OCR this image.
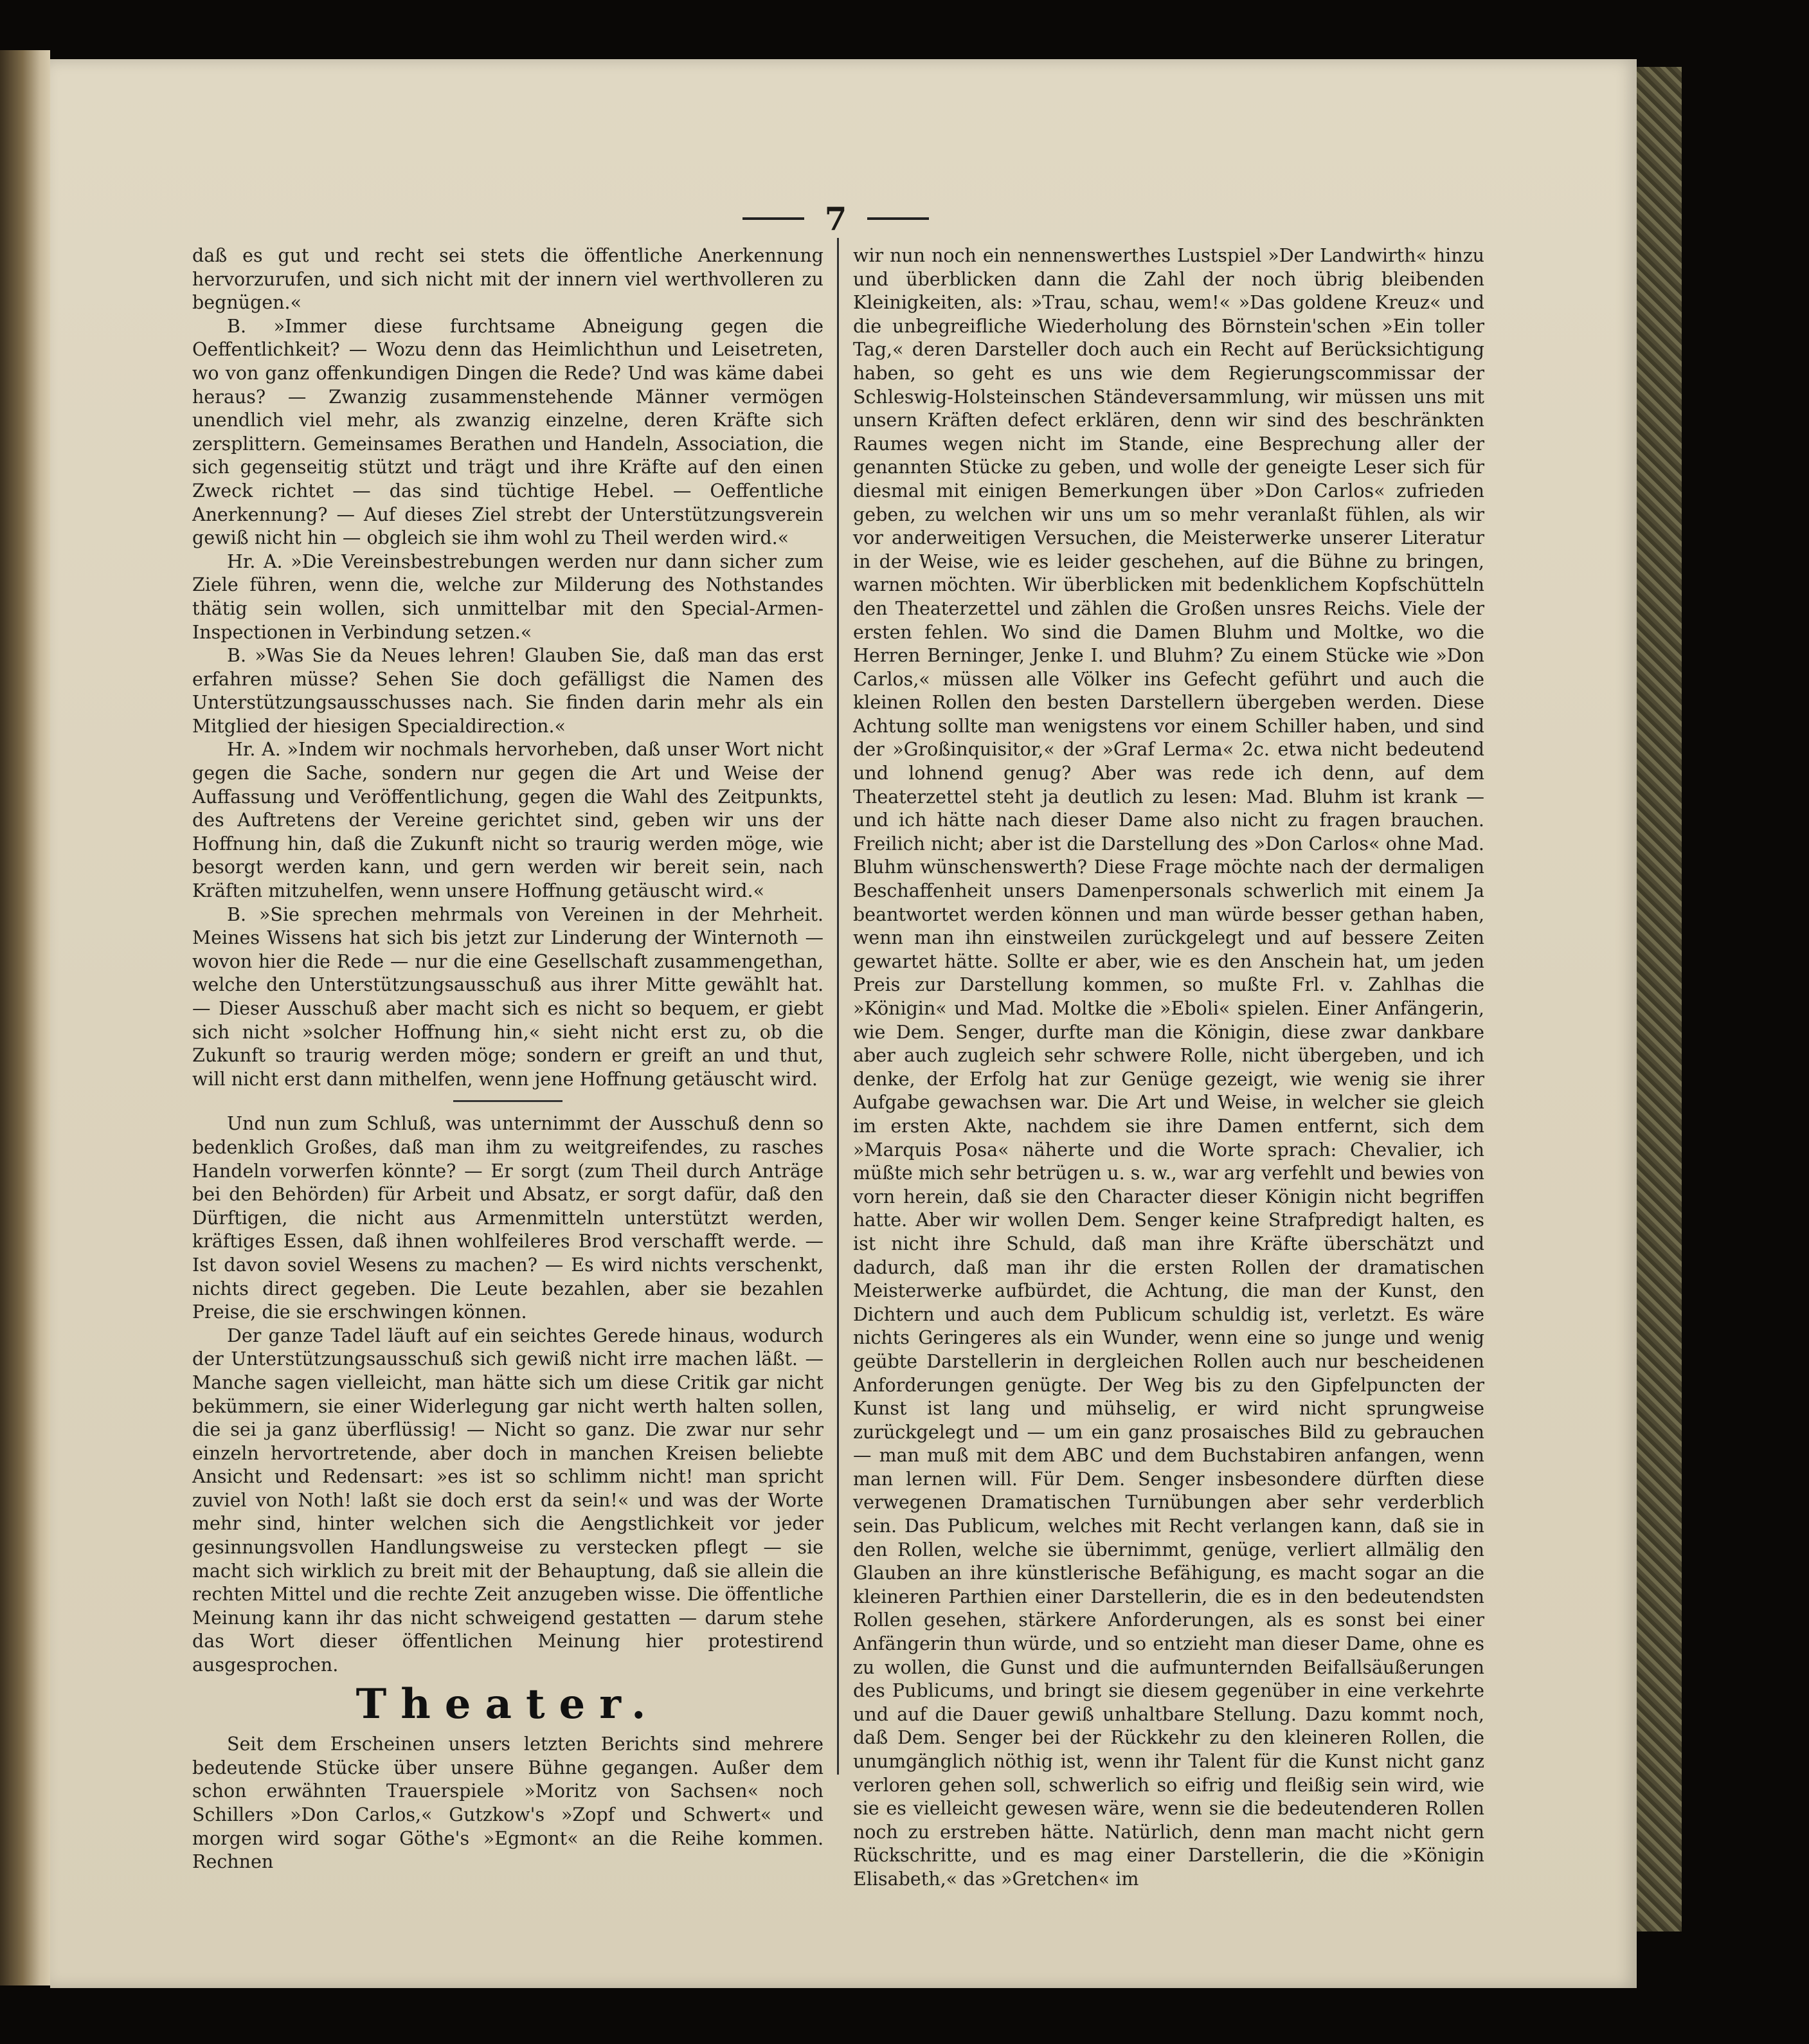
7

daß es gut und recht sei stets die öffentliche Anerkennung hervorzurufen, und sich nicht mit der innern viel werthvolleren zu begnügen.«

B. »Immer diese furchtsame Abneigung gegen die Oeffentlichkeit? — Wozu denn das Heimlichthun und Leisetreten, wo von ganz offenkundigen Dingen die Rede? Und was käme dabei heraus? — Zwanzig zusammenstehende Männer vermögen unendlich viel mehr, als zwanzig einzelne, deren Kräfte sich zersplittern. Gemeinsames Berathen und Handeln, Association, die sich gegenseitig stützt und trägt und ihre Kräfte auf den einen Zweck richtet — das sind tüchtige Hebel. — Oeffentliche Anerkennung? — Auf dieses Ziel strebt der Unterstützungsverein gewiß nicht hin — obgleich sie ihm wohl zu Theil werden wird.«

Hr. A. »Die Vereinsbestrebungen werden nur dann sicher zum Ziele führen, wenn die, welche zur Milderung des Nothstandes thätig sein wollen, sich unmittelbar mit den Special-Armen-Inspectionen in Verbindung setzen.«

B. »Was Sie da Neues lehren! Glauben Sie, daß man das erst erfahren müsse? Sehen Sie doch gefälligst die Namen des Unterstützungsausschusses nach. Sie finden darin mehr als ein Mitglied der hiesigen Specialdirection.«

Hr. A. »Indem wir nochmals hervorheben, daß unser Wort nicht gegen die Sache, sondern nur gegen die Art und Weise der Auffassung und Veröffentlichung, gegen die Wahl des Zeitpunkts, des Auftretens der Vereine gerichtet sind, geben wir uns der Hoffnung hin, daß die Zukunft nicht so traurig werden möge, wie besorgt werden kann, und gern werden wir bereit sein, nach Kräften mitzuhelfen, wenn unsere Hoffnung getäuscht wird.«

B. »Sie sprechen mehrmals von Vereinen in der Mehrheit. Meines Wissens hat sich bis jetzt zur Linderung der Winternoth — wovon hier die Rede — nur die eine Gesellschaft zusammengethan, welche den Unterstützungsausschuß aus ihrer Mitte gewählt hat. — Dieser Ausschuß aber macht sich es nicht so bequem, er giebt sich nicht »solcher Hoffnung hin,« sieht nicht erst zu, ob die Zukunft so traurig werden möge; sondern er greift an und thut, will nicht erst dann mithelfen, wenn jene Hoffnung getäuscht wird.

Und nun zum Schluß, was unternimmt der Ausschuß denn so bedenklich Großes, daß man ihm zu weitgreifendes, zu rasches Handeln vorwerfen könnte? — Er sorgt (zum Theil durch Anträge bei den Behörden) für Arbeit und Absatz, er sorgt dafür, daß den Dürftigen, die nicht aus Armenmitteln unterstützt werden, kräftiges Essen, daß ihnen wohlfeileres Brod verschafft werde. — Ist davon soviel Wesens zu machen? — Es wird nichts verschenkt, nichts direct gegeben. Die Leute bezahlen, aber sie bezahlen Preise, die sie erschwingen können.

Der ganze Tadel läuft auf ein seichtes Gerede hinaus, wodurch der Unterstützungsausschuß sich gewiß nicht irre machen läßt. — Manche sagen vielleicht, man hätte sich um diese Critik gar nicht bekümmern, sie einer Widerlegung gar nicht werth halten sollen, die sei ja ganz überflüssig! — Nicht so ganz. Die zwar nur sehr einzeln hervortretende, aber doch in manchen Kreisen beliebte Ansicht und Redensart: »es ist so schlimm nicht! man spricht zuviel von Noth! laßt sie doch erst da sein!« und was der Worte mehr sind, hinter welchen sich die Aengstlichkeit vor jeder gesinnungsvollen Handlungsweise zu verstecken pflegt — sie macht sich wirklich zu breit mit der Behauptung, daß sie allein die rechten Mittel und die rechte Zeit anzugeben wisse. Die öffentliche Meinung kann ihr das nicht schweigend gestatten — darum stehe das Wort dieser öffentlichen Meinung hier protestirend ausgesprochen.

Theater.

Seit dem Erscheinen unsers letzten Berichts sind mehrere bedeutende Stücke über unsere Bühne gegangen. Außer dem schon erwähnten Trauerspiele »Moritz von Sachsen« noch Schillers »Don Carlos,« Gutzkow's »Zopf und Schwert« und morgen wird sogar Göthe's »Egmont« an die Reihe kommen. Rechnen

wir nun noch ein nennenswerthes Lustspiel »Der Landwirth« hinzu und überblicken dann die Zahl der noch übrig bleibenden Kleinigkeiten, als: »Trau, schau, wem!« »Das goldene Kreuz« und die unbegreifliche Wiederholung des Börnstein'schen »Ein toller Tag,« deren Darsteller doch auch ein Recht auf Berücksichtigung haben, so geht es uns wie dem Regierungscommissar der Schleswig-Holsteinschen Ständeversammlung, wir müssen uns mit unsern Kräften defect erklären, denn wir sind des beschränkten Raumes wegen nicht im Stande, eine Besprechung aller der genannten Stücke zu geben, und wolle der geneigte Leser sich für diesmal mit einigen Bemerkungen über »Don Carlos« zufrieden geben, zu welchen wir uns um so mehr veranlaßt fühlen, als wir vor anderweitigen Versuchen, die Meisterwerke unserer Literatur in der Weise, wie es leider geschehen, auf die Bühne zu bringen, warnen möchten. Wir überblicken mit bedenklichem Kopfschütteln den Theaterzettel und zählen die Großen unsres Reichs. Viele der ersten fehlen. Wo sind die Damen Bluhm und Moltke, wo die Herren Berninger, Jenke I. und Bluhm? Zu einem Stücke wie »Don Carlos,« müssen alle Völker ins Gefecht geführt und auch die kleinen Rollen den besten Darstellern übergeben werden. Diese Achtung sollte man wenigstens vor einem Schiller haben, und sind der »Großinquisitor,« der »Graf Lerma« 2c. etwa nicht bedeutend und lohnend genug? Aber was rede ich denn, auf dem Theaterzettel steht ja deutlich zu lesen: Mad. Bluhm ist krank — und ich hätte nach dieser Dame also nicht zu fragen brauchen. Freilich nicht; aber ist die Darstellung des »Don Carlos« ohne Mad. Bluhm wünschenswerth? Diese Frage möchte nach der dermaligen Beschaffenheit unsers Damenpersonals schwerlich mit einem Ja beantwortet werden können und man würde besser gethan haben, wenn man ihn einstweilen zurückgelegt und auf bessere Zeiten gewartet hätte. Sollte er aber, wie es den Anschein hat, um jeden Preis zur Darstellung kommen, so mußte Frl. v. Zahlhas die »Königin« und Mad. Moltke die »Eboli« spielen. Einer Anfängerin, wie Dem. Senger, durfte man die Königin, diese zwar dankbare aber auch zugleich sehr schwere Rolle, nicht übergeben, und ich denke, der Erfolg hat zur Genüge gezeigt, wie wenig sie ihrer Aufgabe gewachsen war. Die Art und Weise, in welcher sie gleich im ersten Akte, nachdem sie ihre Damen entfernt, sich dem »Marquis Posa« näherte und die Worte sprach: Chevalier, ich müßte mich sehr betrügen u. s. w., war arg verfehlt und bewies von vorn herein, daß sie den Character dieser Königin nicht begriffen hatte. Aber wir wollen Dem. Senger keine Strafpredigt halten, es ist nicht ihre Schuld, daß man ihre Kräfte überschätzt und dadurch, daß man ihr die ersten Rollen der dramatischen Meisterwerke aufbürdet, die Achtung, die man der Kunst, den Dichtern und auch dem Publicum schuldig ist, verletzt. Es wäre nichts Geringeres als ein Wunder, wenn eine so junge und wenig geübte Darstellerin in dergleichen Rollen auch nur bescheidenen Anforderungen genügte. Der Weg bis zu den Gipfelpuncten der Kunst ist lang und mühselig, er wird nicht sprungweise zurückgelegt und — um ein ganz prosaisches Bild zu gebrauchen — man muß mit dem ABC und dem Buchstabiren anfangen, wenn man lernen will. Für Dem. Senger insbesondere dürften diese verwegenen Dramatischen Turnübungen aber sehr verderblich sein. Das Publicum, welches mit Recht verlangen kann, daß sie in den Rollen, welche sie übernimmt, genüge, verliert allmälig den Glauben an ihre künstlerische Befähigung, es macht sogar an die kleineren Parthien einer Darstellerin, die es in den bedeutendsten Rollen gesehen, stärkere Anforderungen, als es sonst bei einer Anfängerin thun würde, und so entzieht man dieser Dame, ohne es zu wollen, die Gunst und die aufmunternden Beifallsäußerungen des Publicums, und bringt sie diesem gegenüber in eine verkehrte und auf die Dauer gewiß unhaltbare Stellung. Dazu kommt noch, daß Dem. Senger bei der Rückkehr zu den kleineren Rollen, die unumgänglich nöthig ist, wenn ihr Talent für die Kunst nicht ganz verloren gehen soll, schwerlich so eifrig und fleißig sein wird, wie sie es vielleicht gewesen wäre, wenn sie die bedeutenderen Rollen noch zu erstreben hätte. Natürlich, denn man macht nicht gern Rückschritte, und es mag einer Darstellerin, die die »Königin Elisabeth,« das »Gretchen« im
